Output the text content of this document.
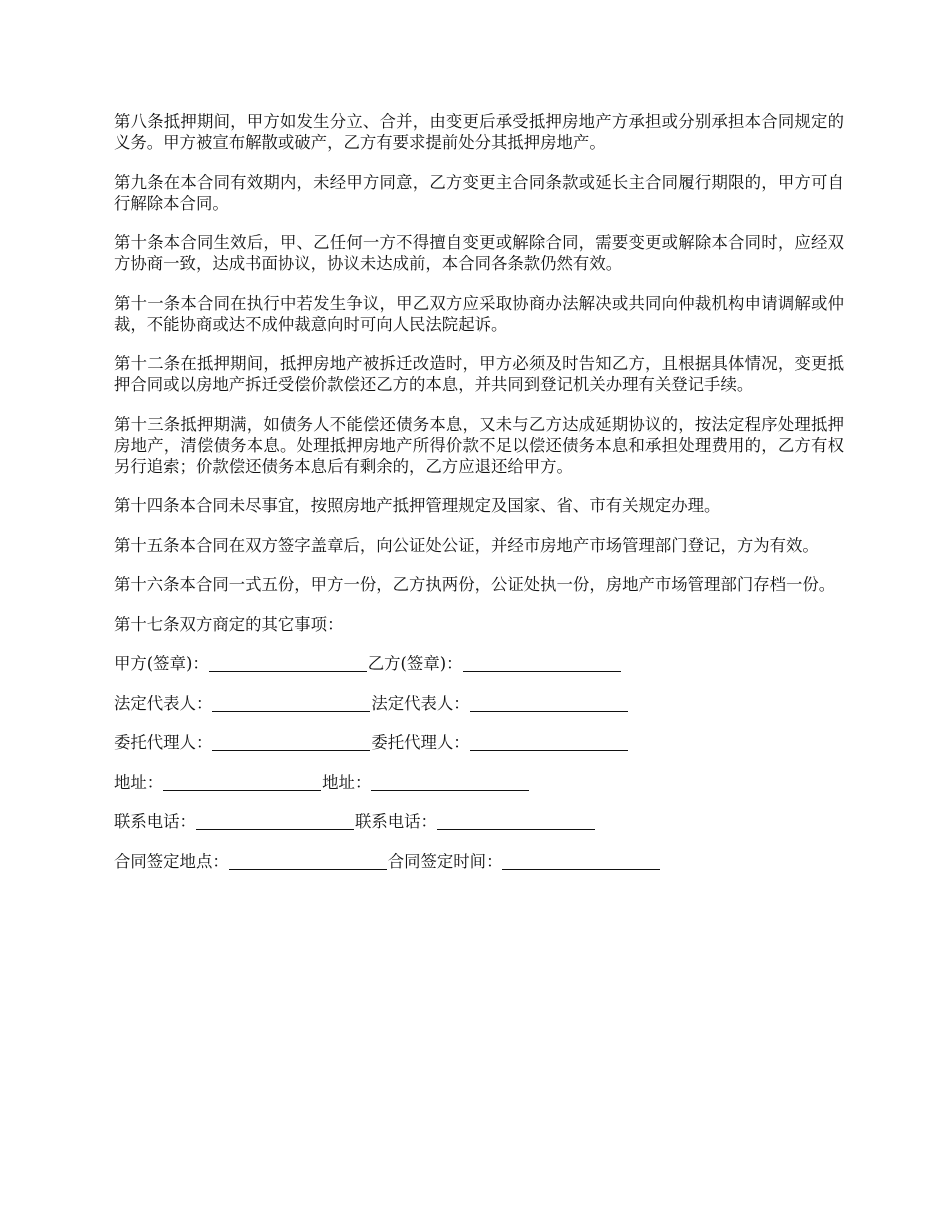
第八条抵押期间，甲方如发生分立、合并，由变更后承受抵押房地产方承担或分别承担本合同规定的义务。甲方被宣布解散或破产，乙方有要求提前处分其抵押房地产。

第九条在本合同有效期内，未经甲方同意，乙方变更主合同条款或延长主合同履行期限的，甲方可自行解除本合同。

第十条本合同生效后，甲、乙任何一方不得擅自变更或解除合同，需要变更或解除本合同时，应经双方协商一致，达成书面协议，协议未达成前，本合同各条款仍然有效。

第十一条本合同在执行中若发生争议，甲乙双方应采取协商办法解决或共同向仲裁机构申请调解或仲裁，不能协商或达不成仲裁意向时可向人民法院起诉。

第十二条在抵押期间，抵押房地产被拆迁改造时，甲方必须及时告知乙方，且根据具体情况，变更抵押合同或以房地产拆迁受偿价款偿还乙方的本息，并共同到登记机关办理有关登记手续。

第十三条抵押期满，如债务人不能偿还债务本息，又未与乙方达成延期协议的，按法定程序处理抵押房地产，清偿债务本息。处理抵押房地产所得价款不足以偿还债务本息和承担处理费用的，乙方有权另行追索；价款偿还债务本息后有剩余的，乙方应退还给甲方。

第十四条本合同未尽事宜，按照房地产抵押管理规定及国家、省、市有关规定办理。

第十五条本合同在双方签字盖章后，向公证处公证，并经市房地产市场管理部门登记，方为有效。

第十六条本合同一式五份，甲方一份，乙方执两份，公证处执一份，房地产市场管理部门存档一份。

第十七条双方商定的其它事项：

甲方(签章)：	乙方(签章)：
法定代表人：	法定代表人：
委托代理人：	委托代理人：
地址：	地址：
联系电话：	联系电话：
合同签定地点：	合同签定时间：
